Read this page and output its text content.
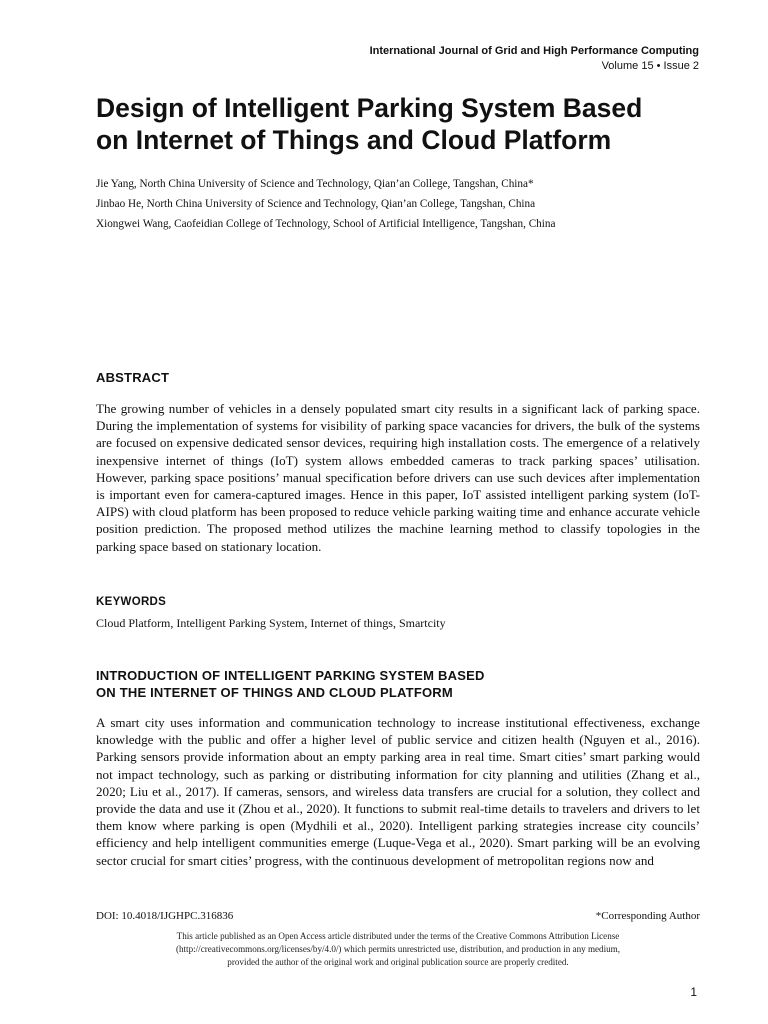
International Journal of Grid and High Performance Computing
Volume 15 • Issue 2
Design of Intelligent Parking System Based
on Internet of Things and Cloud Platform
Jie Yang, North China University of Science and Technology, Qian’an College, Tangshan, China*
Jinbao He, North China University of Science and Technology, Qian’an College, Tangshan, China
Xiongwei Wang, Caofeidian College of Technology, School of Artificial Intelligence, Tangshan, China
ABSTRACT

The growing number of vehicles in a densely populated smart city results in a significant lack of parking space. During the implementation of systems for visibility of parking space vacancies for drivers, the bulk of the systems are focused on expensive dedicated sensor devices, requiring high installation costs. The emergence of a relatively inexpensive internet of things (IoT) system allows embedded cameras to track parking spaces’ utilisation. However, parking space positions’ manual specification before drivers can use such devices after implementation is important even for camera-captured images. Hence in this paper, IoT assisted intelligent parking system (IoT-AIPS) with cloud platform has been proposed to reduce vehicle parking waiting time and enhance accurate vehicle position prediction. The proposed method utilizes the machine learning method to classify topologies in the parking space based on stationary location.

KEYWORDS

Cloud Platform, Intelligent Parking System, Internet of things, Smartcity

INTRODUCTION OF INTELLIGENT PARKING SYSTEM BASED
ON THE INTERNET OF THINGS AND CLOUD PLATFORM

A smart city uses information and communication technology to increase institutional effectiveness, exchange knowledge with the public and offer a higher level of public service and citizen health (Nguyen et al., 2016). Parking sensors provide information about an empty parking area in real time. Smart cities’ smart parking would not impact technology, such as parking or distributing information for city planning and utilities (Zhang et al., 2020; Liu et al., 2017). If cameras, sensors, and wireless data transfers are crucial for a solution, they collect and provide the data and use it (Zhou et al., 2020). It functions to submit real-time details to travelers and drivers to let them know where parking is open (Mydhili et al., 2020). Intelligent parking strategies increase city councils’ efficiency and help intelligent communities emerge (Luque-Vega et al., 2020). Smart parking will be an evolving sector crucial for smart cities’ progress, with the continuous development of metropolitan regions now and

DOI: 10.4018/IJGHPC.316836	*Corresponding Author
This article published as an Open Access article distributed under the terms of the Creative Commons Attribution License
(http://creativecommons.org/licenses/by/4.0/) which permits unrestricted use, distribution, and production in any medium,
provided the author of the original work and original publication source are properly credited.
1
